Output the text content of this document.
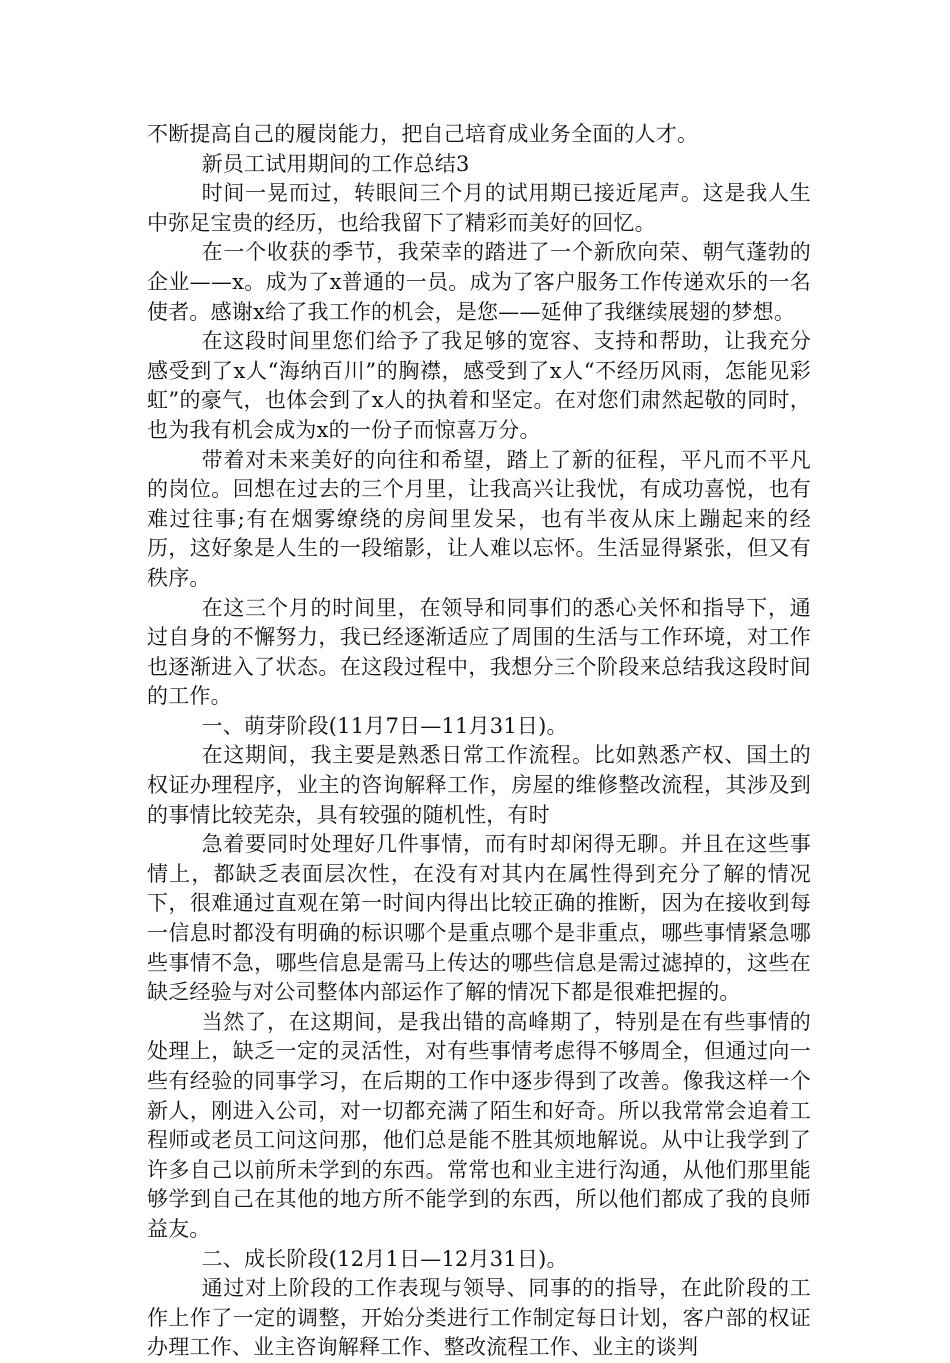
不断提高自己的履岗能力，把自己培育成业务全面的人才。

新员工试用期间的工作总结3

时间一晃而过，转眼间三个月的试用期已接近尾声。这是我人生中弥足宝贵的经历，也给我留下了精彩而美好的回忆。

在一个收获的季节，我荣幸的踏进了一个新欣向荣、朝气蓬勃的企业——x。成为了x普通的一员。成为了客户服务工作传递欢乐的一名使者。感谢x给了我工作的机会，是您——延伸了我继续展翅的梦想。

在这段时间里您们给予了我足够的宽容、支持和帮助，让我充分感受到了x人“海纳百川”的胸襟，感受到了x人“不经历风雨，怎能见彩虹”的豪气，也体会到了x人的执着和坚定。在对您们肃然起敬的同时，也为我有机会成为x的一份子而惊喜万分。

带着对未来美好的向往和希望，踏上了新的征程，平凡而不平凡的岗位。回想在过去的三个月里，让我高兴让我忧，有成功喜悦，也有难过往事;有在烟雾缭绕的房间里发呆，也有半夜从床上蹦起来的经历，这好象是人生的一段缩影，让人难以忘怀。生活显得紧张，但又有秩序。

在这三个月的时间里，在领导和同事们的悉心关怀和指导下，通过自身的不懈努力，我已经逐渐适应了周围的生活与工作环境，对工作也逐渐进入了状态。在这段过程中，我想分三个阶段来总结我这段时间的工作。

一、萌芽阶段(11月7日—11月31日)。

在这期间，我主要是熟悉日常工作流程。比如熟悉产权、国土的权证办理程序，业主的咨询解释工作，房屋的维修整改流程，其涉及到的事情比较芜杂，具有较强的随机性，有时

急着要同时处理好几件事情，而有时却闲得无聊。并且在这些事情上，都缺乏表面层次性，在没有对其内在属性得到充分了解的情况下，很难通过直观在第一时间内得出比较正确的推断，因为在接收到每一信息时都没有明确的标识哪个是重点哪个是非重点，哪些事情紧急哪些事情不急，哪些信息是需马上传达的哪些信息是需过滤掉的，这些在缺乏经验与对公司整体内部运作了解的情况下都是很难把握的。

当然了，在这期间，是我出错的高峰期了，特别是在有些事情的处理上，缺乏一定的灵活性，对有些事情考虑得不够周全，但通过向一些有经验的同事学习，在后期的工作中逐步得到了改善。像我这样一个新人，刚进入公司，对一切都充满了陌生和好奇。所以我常常会追着工程师或老员工问这问那，他们总是能不胜其烦地解说。从中让我学到了许多自己以前所未学到的东西。常常也和业主进行沟通，从他们那里能够学到自己在其他的地方所不能学到的东西，所以他们都成了我的良师益友。

二、成长阶段(12月1日—12月31日)。

通过对上阶段的工作表现与领导、同事的的指导，在此阶段的工作上作了一定的调整，开始分类进行工作制定每日计划，客户部的权证办理工作、业主咨询解释工作、整改流程工作、业主的谈判
